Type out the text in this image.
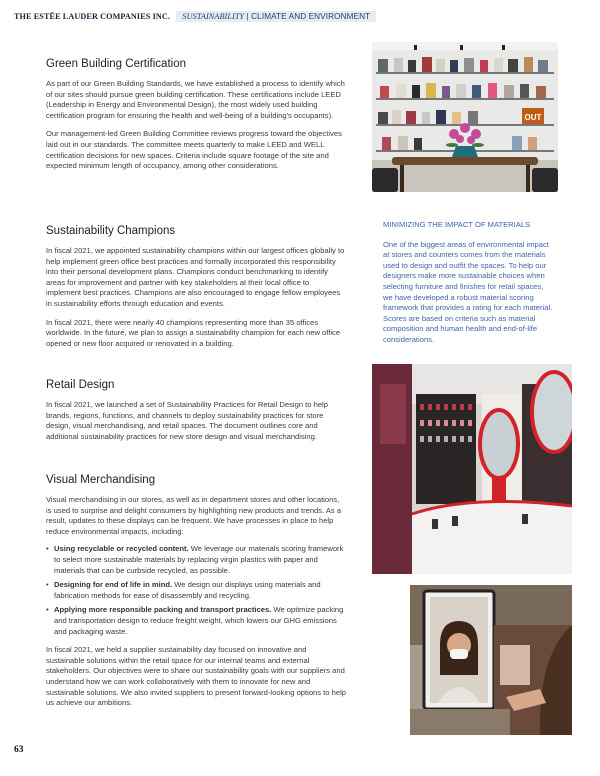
THE ESTĒE LAUDER COMPANIES INC. SUSTAINABILITY | CLIMATE AND ENVIRONMENT
Green Building Certification

As part of our Green Building Standards, we have established a process to identify which of our sites should pursue green building certification. These certifications include LEED (Leadership in Energy and Environmental Design), the most widely used building certification program for ensuring the health and well-being of a building's occupants).

Our management-led Green Building Committee reviews progress toward the objectives laid out in our standards. The committee meets quarterly to make LEED and WELL certification decisions for new spaces. Criteria include square footage of the site and expected minimum length of occupancy, among other considerations.

Sustainability Champions

In fiscal 2021, we appointed sustainability champions within our largest offices globally to help implement green office best practices and formally incorporated this responsibility into their personal development plans. Champions conduct benchmarking to identify areas for improvement and partner with key stakeholders at their local office to implement best practices. Champions are also encouraged to engage fellow employees in sustainability efforts through education and events.

In fiscal 2021, there were nearly 40 champions representing more than 35 offices worldwide. In the future, we plan to assign a sustainability champion for each new office opened or new floor acquired or renovated in a building.

Retail Design

In fiscal 2021, we launched a set of Sustainability Practices for Retail Design to help brands, regions, functions, and channels to deploy sustainability practices for store design, visual merchandising, and retail spaces. The document outlines core and additional sustainability practices for new store design and visual merchandising.

Visual Merchandising

Visual merchandising in our stores, as well as in department stores and other locations, is used to surprise and delight consumers by highlighting new products and trends. As a result, updates to these displays can be frequent. We have processes in place to help reduce environmental impacts, including:

• Using recyclable or recycled content. We leverage our materials scoring framework to select more sustainable materials by replacing virgin plastics with paper and materials that can be curbside recycled, as possible.
• Designing for end of life in mind. We design our displays using materials and fabrication methods for ease of disassembly and recycling.
• Applying more responsible packing and transport practices. We optimize packing and transportation design to reduce freight weight, which lowers our GHG emissions and packaging waste.

In fiscal 2021, we held a supplier sustainability day focused on innovative and sustainable solutions within the retail space for our internal teams and external stakeholders. Our objectives were to share our sustainability goals with our suppliers and understand how we can work collaboratively with them to innovate for new and sustainable solutions. We also invited suppliers to present forward-looking options to help us achieve our ambitions.

OUT
MINIMIZING THE IMPACT OF MATERIALS
One of the biggest areas of environmental impact at stores and counters comes from the materials used to design and outfit the spaces. To help our designers make more sustainable choices when selecting furniture and finishes for retail spaces, we have developed a robust material scoring framework that provides a rating for each material. Scores are based on criteria such as material composition and human health and end-of-life considerations.
63
